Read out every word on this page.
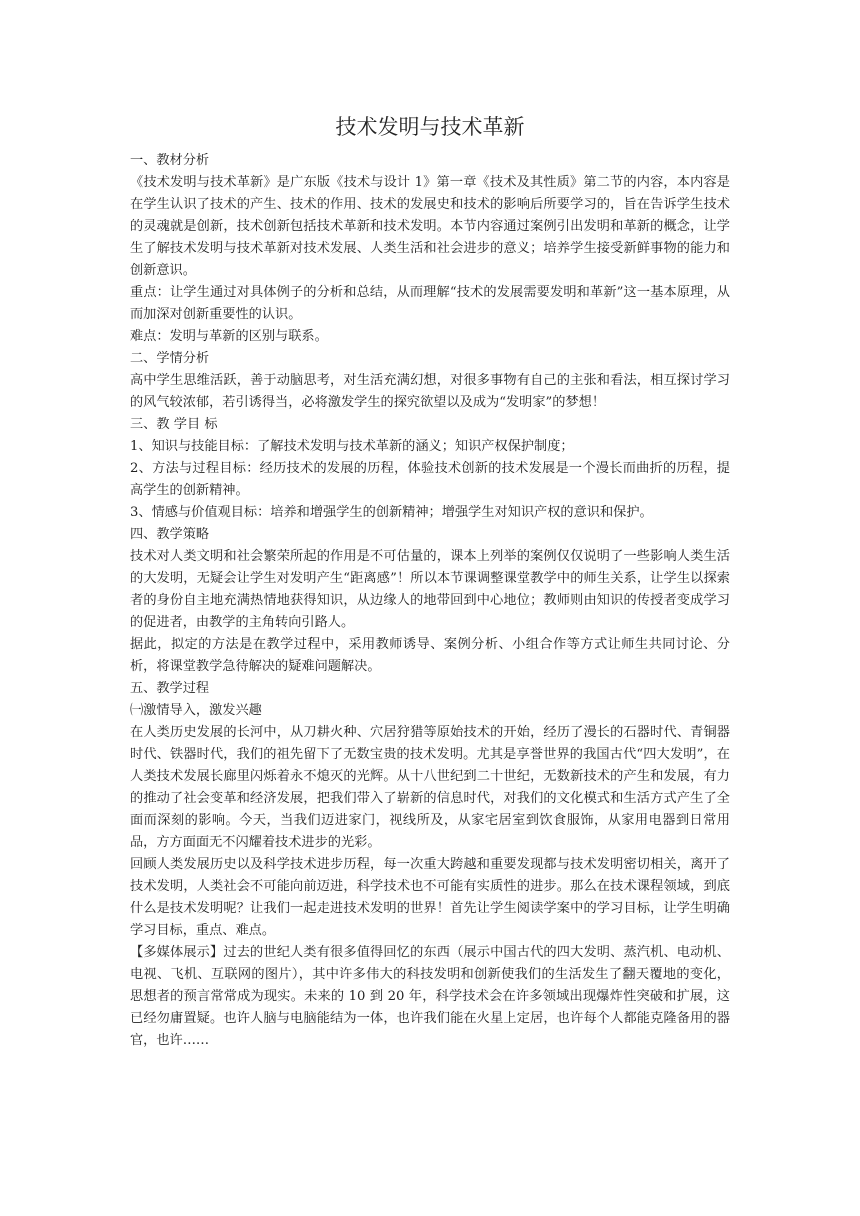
技术发明与技术革新

一、教材分析

《技术发明与技术革新》是广东版《技术与设计 1》第一章《技术及其性质》第二节的内容，本内容是在学生认识了技术的产生、技术的作用、技术的发展史和技术的影响后所要学习的，旨在告诉学生技术的灵魂就是创新，技术创新包括技术革新和技术发明。本节内容通过案例引出发明和革新的概念，让学生了解技术发明与技术革新对技术发展、人类生活和社会进步的意义；培养学生接受新鲜事物的能力和创新意识。

重点：让学生通过对具体例子的分析和总结，从而理解“技术的发展需要发明和革新”这一基本原理，从而加深对创新重要性的认识。

难点：发明与革新的区别与联系。

二、学情分析

高中学生思维活跃，善于动脑思考，对生活充满幻想，对很多事物有自己的主张和看法，相互探讨学习的风气较浓郁，若引诱得当，必将激发学生的探究欲望以及成为“发明家”的梦想！

三、教 学目 标

1、知识与技能目标：了解技术发明与技术革新的涵义；知识产权保护制度；

2、方法与过程目标：经历技术的发展的历程，体验技术创新的技术发展是一个漫长而曲折的历程，提高学生的创新精神。

3、情感与价值观目标：培养和增强学生的创新精神；增强学生对知识产权的意识和保护。

四、教学策略

技术对人类文明和社会繁荣所起的作用是不可估量的，课本上列举的案例仅仅说明了一些影响人类生活的大发明，无疑会让学生对发明产生“距离感”！所以本节课调整课堂教学中的师生关系，让学生以探索者的身份自主地充满热情地获得知识，从边缘人的地带回到中心地位；教师则由知识的传授者变成学习的促进者，由教学的主角转向引路人。

据此，拟定的方法是在教学过程中，采用教师诱导、案例分析、小组合作等方式让师生共同讨论、分析，将课堂教学急待解决的疑难问题解决。

五、教学过程

㈠激情导入，激发兴趣

在人类历史发展的长河中，从刀耕火种、穴居狩猎等原始技术的开始，经历了漫长的石器时代、青铜器时代、铁器时代，我们的祖先留下了无数宝贵的技术发明。尤其是享誉世界的我国古代“四大发明”，在人类技术发展长廊里闪烁着永不熄灭的光辉。从十八世纪到二十世纪，无数新技术的产生和发展，有力的推动了社会变革和经济发展，把我们带入了崭新的信息时代，对我们的文化模式和生活方式产生了全面而深刻的影响。今天，当我们迈进家门，视线所及，从家宅居室到饮食服饰，从家用电器到日常用品，方方面面无不闪耀着技术进步的光彩。

回顾人类发展历史以及科学技术进步历程，每一次重大跨越和重要发现都与技术发明密切相关，离开了技术发明，人类社会不可能向前迈进，科学技术也不可能有实质性的进步。那么在技术课程领域，到底什么是技术发明呢？让我们一起走进技术发明的世界！首先让学生阅读学案中的学习目标，让学生明确学习目标，重点、难点。

【多媒体展示】过去的世纪人类有很多值得回忆的东西（展示中国古代的四大发明、蒸汽机、电动机、电视、飞机、互联网的图片），其中许多伟大的科技发明和创新使我们的生活发生了翻天覆地的变化，思想者的预言常常成为现实。未来的 10 到 20 年，科学技术会在许多领域出现爆炸性突破和扩展，这已经勿庸置疑。也许人脑与电脑能结为一体，也许我们能在火星上定居，也许每个人都能克隆备用的器官，也许……
